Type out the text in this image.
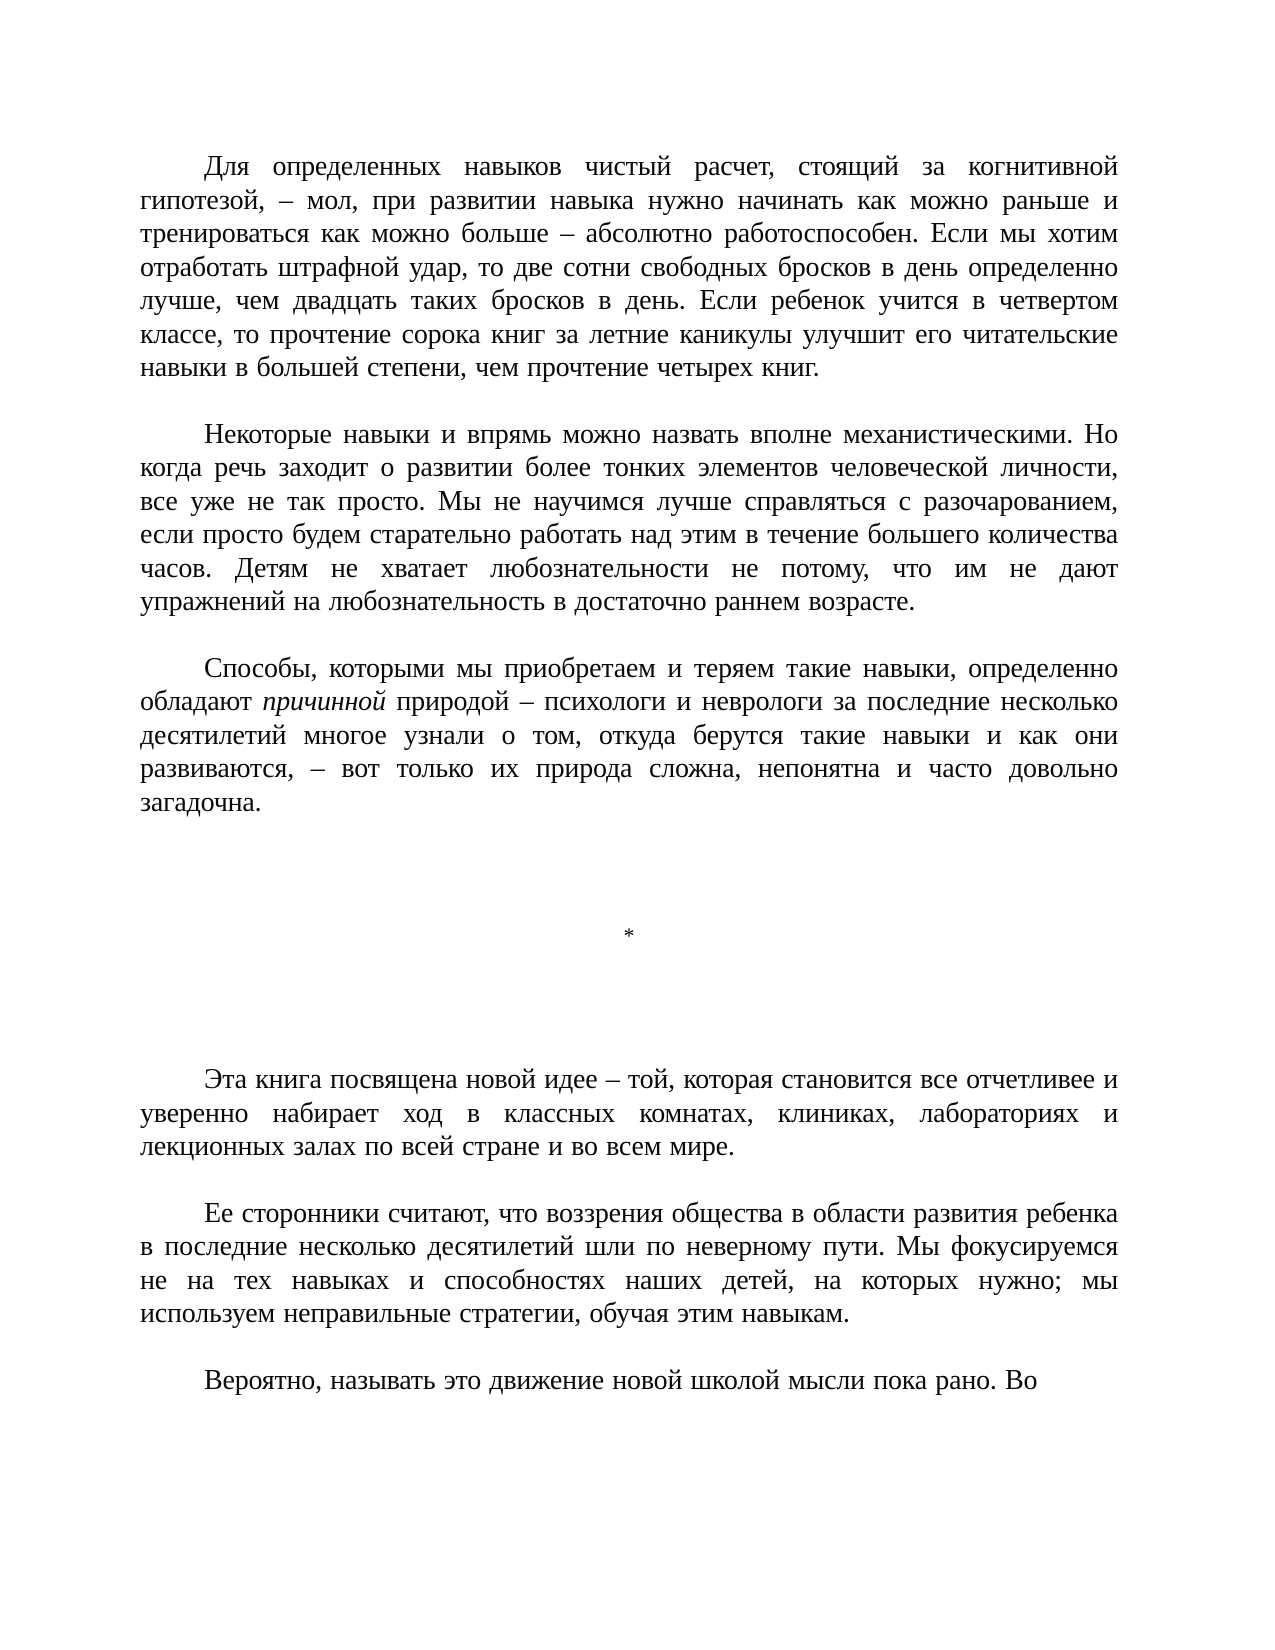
Для определенных навыков чистый расчет, стоящий за когнитивной гипотезой, – мол, при развитии навыка нужно начинать как можно раньше и тренироваться как можно больше – абсолютно работоспособен. Если мы хотим отработать штрафной удар, то две сотни свободных бросков в день определенно лучше, чем двадцать таких бросков в день. Если ребенок учится в четвертом классе, то прочтение сорока книг за летние каникулы улучшит его читательские навыки в большей степени, чем прочтение четырех книг.

Некоторые навыки и впрямь можно назвать вполне механистическими. Но когда речь заходит о развитии более тонких элементов человеческой личности, все уже не так просто. Мы не научимся лучше справляться с разочарованием, если просто будем старательно работать над этим в течение большего количества часов. Детям не хватает любознательности не потому, что им не дают упражнений на любознательность в достаточно раннем возрасте.

Способы, которыми мы приобретаем и теряем такие навыки, определенно обладают причинной природой – психологи и неврологи за последние несколько десятилетий многое узнали о том, откуда берутся такие навыки и как они развиваются, – вот только их природа сложна, непонятна и часто довольно загадочна.

*

Эта книга посвящена новой идее – той, которая становится все отчетливее и уверенно набирает ход в классных комнатах, клиниках, лабораториях и лекционных залах по всей стране и во всем мире.

Ее сторонники считают, что воззрения общества в области развития ребенка в последние несколько десятилетий шли по неверному пути. Мы фокусируемся не на тех навыках и способностях наших детей, на которых нужно; мы используем неправильные стратегии, обучая этим навыкам.

Вероятно, называть это движение новой школой мысли пока рано. Во
